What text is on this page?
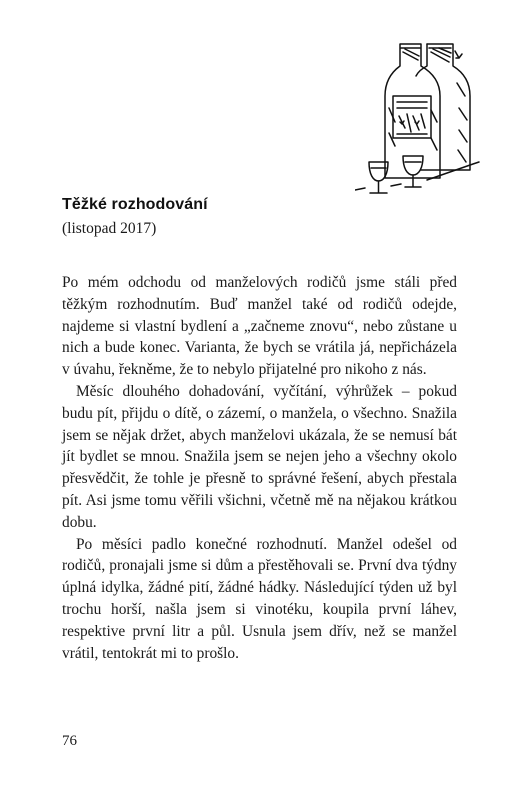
Těžké rozhodování
(listopad 2017)

Po mém odchodu od manželových rodičů jsme stáli před těžkým rozhodnutím. Buď manžel také od rodičů odejde, najdeme si vlastní bydlení a „začneme znovu“, nebo zůstane u nich a bude konec. Varianta, že bych se vrátila já, nepřicházela v úvahu, řekněme, že to nebylo přijatelné pro nikoho z nás.

Měsíc dlouhého dohadování, vyčítání, výhrůžek – pokud budu pít, přijdu o dítě, o zázemí, o manžela, o všechno. Snažila jsem se nějak držet, abych manželovi ukázala, že se nemusí bát jít bydlet se mnou. Snažila jsem se nejen jeho a všechny okolo přesvědčit, že tohle je přesně to správné řešení, abych přestala pít. Asi jsme tomu věřili všichni, včetně mě na nějakou krátkou dobu.

Po měsíci padlo konečné rozhodnutí. Manžel odešel od rodičů, pronajali jsme si dům a přestěhovali se. První dva týdny úplná idylka, žádné pití, žádné hádky. Následující týden už byl trochu horší, našla jsem si vinotéku, koupila první láhev, respektive první litr a půl. Usnula jsem dřív, než se manžel vrátil, tentokrát mi to prošlo.

76
